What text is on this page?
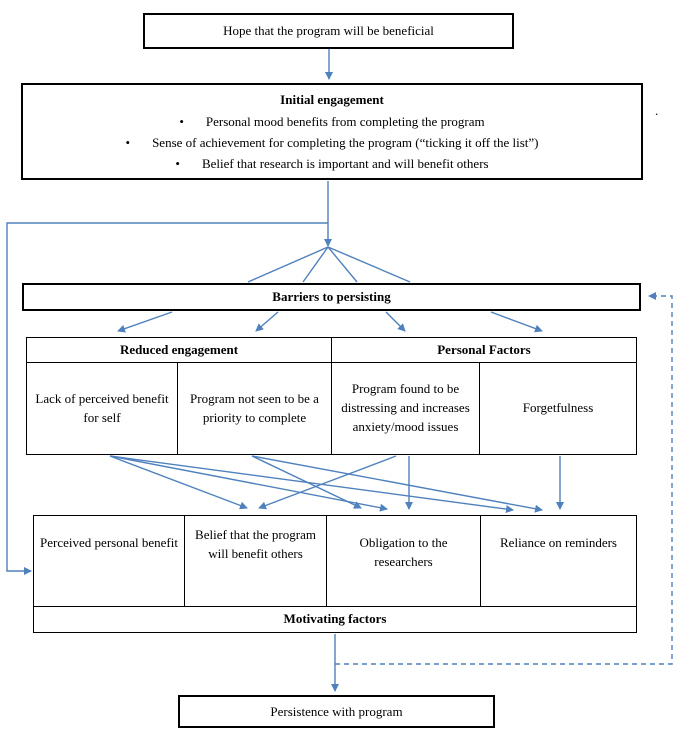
Hope that the program will be beneficial
Initial engagement
• Personal mood benefits from completing the program
• Sense of achievement for completing the program (“ticking it off the list”)
• Belief that research is important and will benefit others
Barriers to persisting
Reduced engagement	Personal Factors
Lack of perceived benefit for self
Program not seen to be a priority to complete
Program found to be distressing and increases anxiety/mood issues
Forgetfulness
Perceived personal benefit
Belief that the program will benefit others
Obligation to the researchers
Reliance on reminders
Motivating factors
Persistence with program
.
